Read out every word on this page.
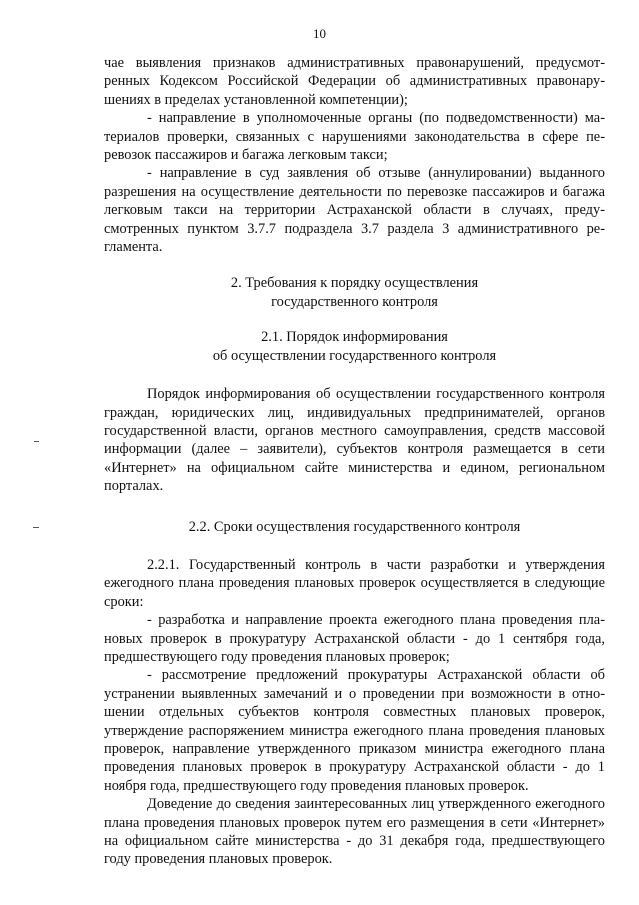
10

чае выявления признаков административных правонарушений, предусмотренных Кодексом Российской Федерации об административных правонарушениях в пределах установленной компетенции);

- направление в уполномоченные органы (по подведомственности) материалов проверки, связанных с нарушениями законодательства в сфере перевозок пассажиров и багажа легковым такси;

- направление в суд заявления об отзыве (аннулировании) выданного разрешения на осуществление деятельности по перевозке пассажиров и багажа легковым такси на территории Астраханской области в случаях, предусмотренных пунктом 3.7.7 подраздела 3.7 раздела 3 административного регламента.

2. Требования к порядку осуществления

государственного контроля

2.1. Порядок информирования

об осуществлении государственного контроля

Порядок информирования об осуществлении государственного контроля граждан, юридических лиц, индивидуальных предпринимателей, органов государственной власти, органов местного самоуправления, средств массовой информации (далее – заявители), субъектов контроля размещается в сети «Интернет» на официальном сайте министерства и едином, региональном порталах.

2.2. Сроки осуществления государственного контроля

2.2.1. Государственный контроль в части разработки и утверждения ежегодного плана проведения плановых проверок осуществляется в следующие сроки:

- разработка и направление проекта ежегодного плана проведения плановых проверок в прокуратуру Астраханской области - до 1 сентября года, предшествующего году проведения плановых проверок;

- рассмотрение предложений прокуратуры Астраханской области об устранении выявленных замечаний и о проведении при возможности в отношении отдельных субъектов контроля совместных плановых проверок, утверждение распоряжением министра ежегодного плана проведения плановых проверок, направление утвержденного приказом министра ежегодного плана проведения плановых проверок в прокуратуру Астраханской области - до 1 ноября года, предшествующего году проведения плановых проверок.

Доведение до сведения заинтересованных лиц утвержденного ежегодного плана проведения плановых проверок путем его размещения в сети «Интернет» на официальном сайте министерства - до 31 декабря года, предшествующего году проведения плановых проверок.
